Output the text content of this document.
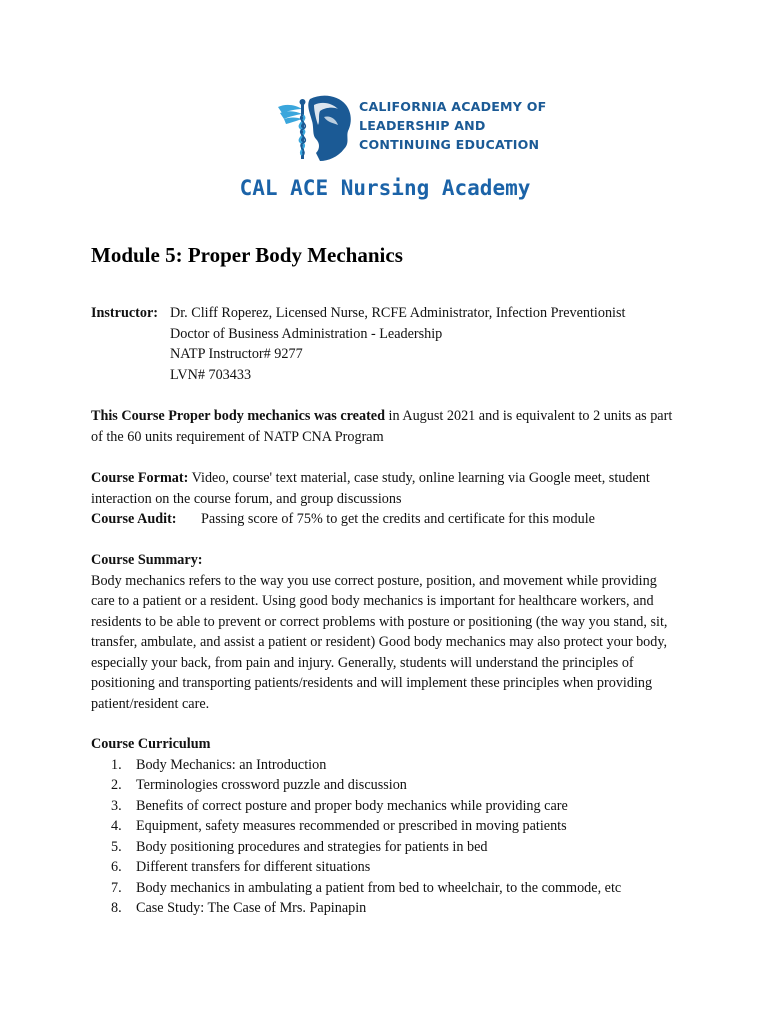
CALIFORNIA ACADEMY OF
LEADERSHIP AND
CONTINUING EDUCATION
CAL ACE Nursing Academy
Module 5: Proper Body Mechanics
Instructor: Dr. Cliff Roperez, Licensed Nurse, RCFE Administrator, Infection Preventionist
Doctor of Business Administration - Leadership
NATP Instructor# 9277
LVN# 703433
This Course Proper body mechanics was created in August 2021 and is equivalent to 2 units as part
of the 60 units requirement of NATP CNA Program
Course Format: Video, course' text material, case study, online learning via Google meet, student
interaction on the course forum, and group discussions
Course Audit: Passing score of 75% to get the credits and certificate for this module
Course Summary:
Body mechanics refers to the way you use correct posture, position, and movement while providing
care to a patient or a resident. Using good body mechanics is important for healthcare workers, and
residents to be able to prevent or correct problems with posture or positioning (the way you stand, sit,
transfer, ambulate, and assist a patient or resident) Good body mechanics may also protect your body,
especially your back, from pain and injury. Generally, students will understand the principles of
positioning and transporting patients/residents and will implement these principles when providing
patient/resident care.
Course Curriculum
1. Body Mechanics: an Introduction
2. Terminologies crossword puzzle and discussion
3. Benefits of correct posture and proper body mechanics while providing care
4. Equipment, safety measures recommended or prescribed in moving patients
5. Body positioning procedures and strategies for patients in bed
6. Different transfers for different situations
7. Body mechanics in ambulating a patient from bed to wheelchair, to the commode, etc
8. Case Study: The Case of Mrs. Papinapin
